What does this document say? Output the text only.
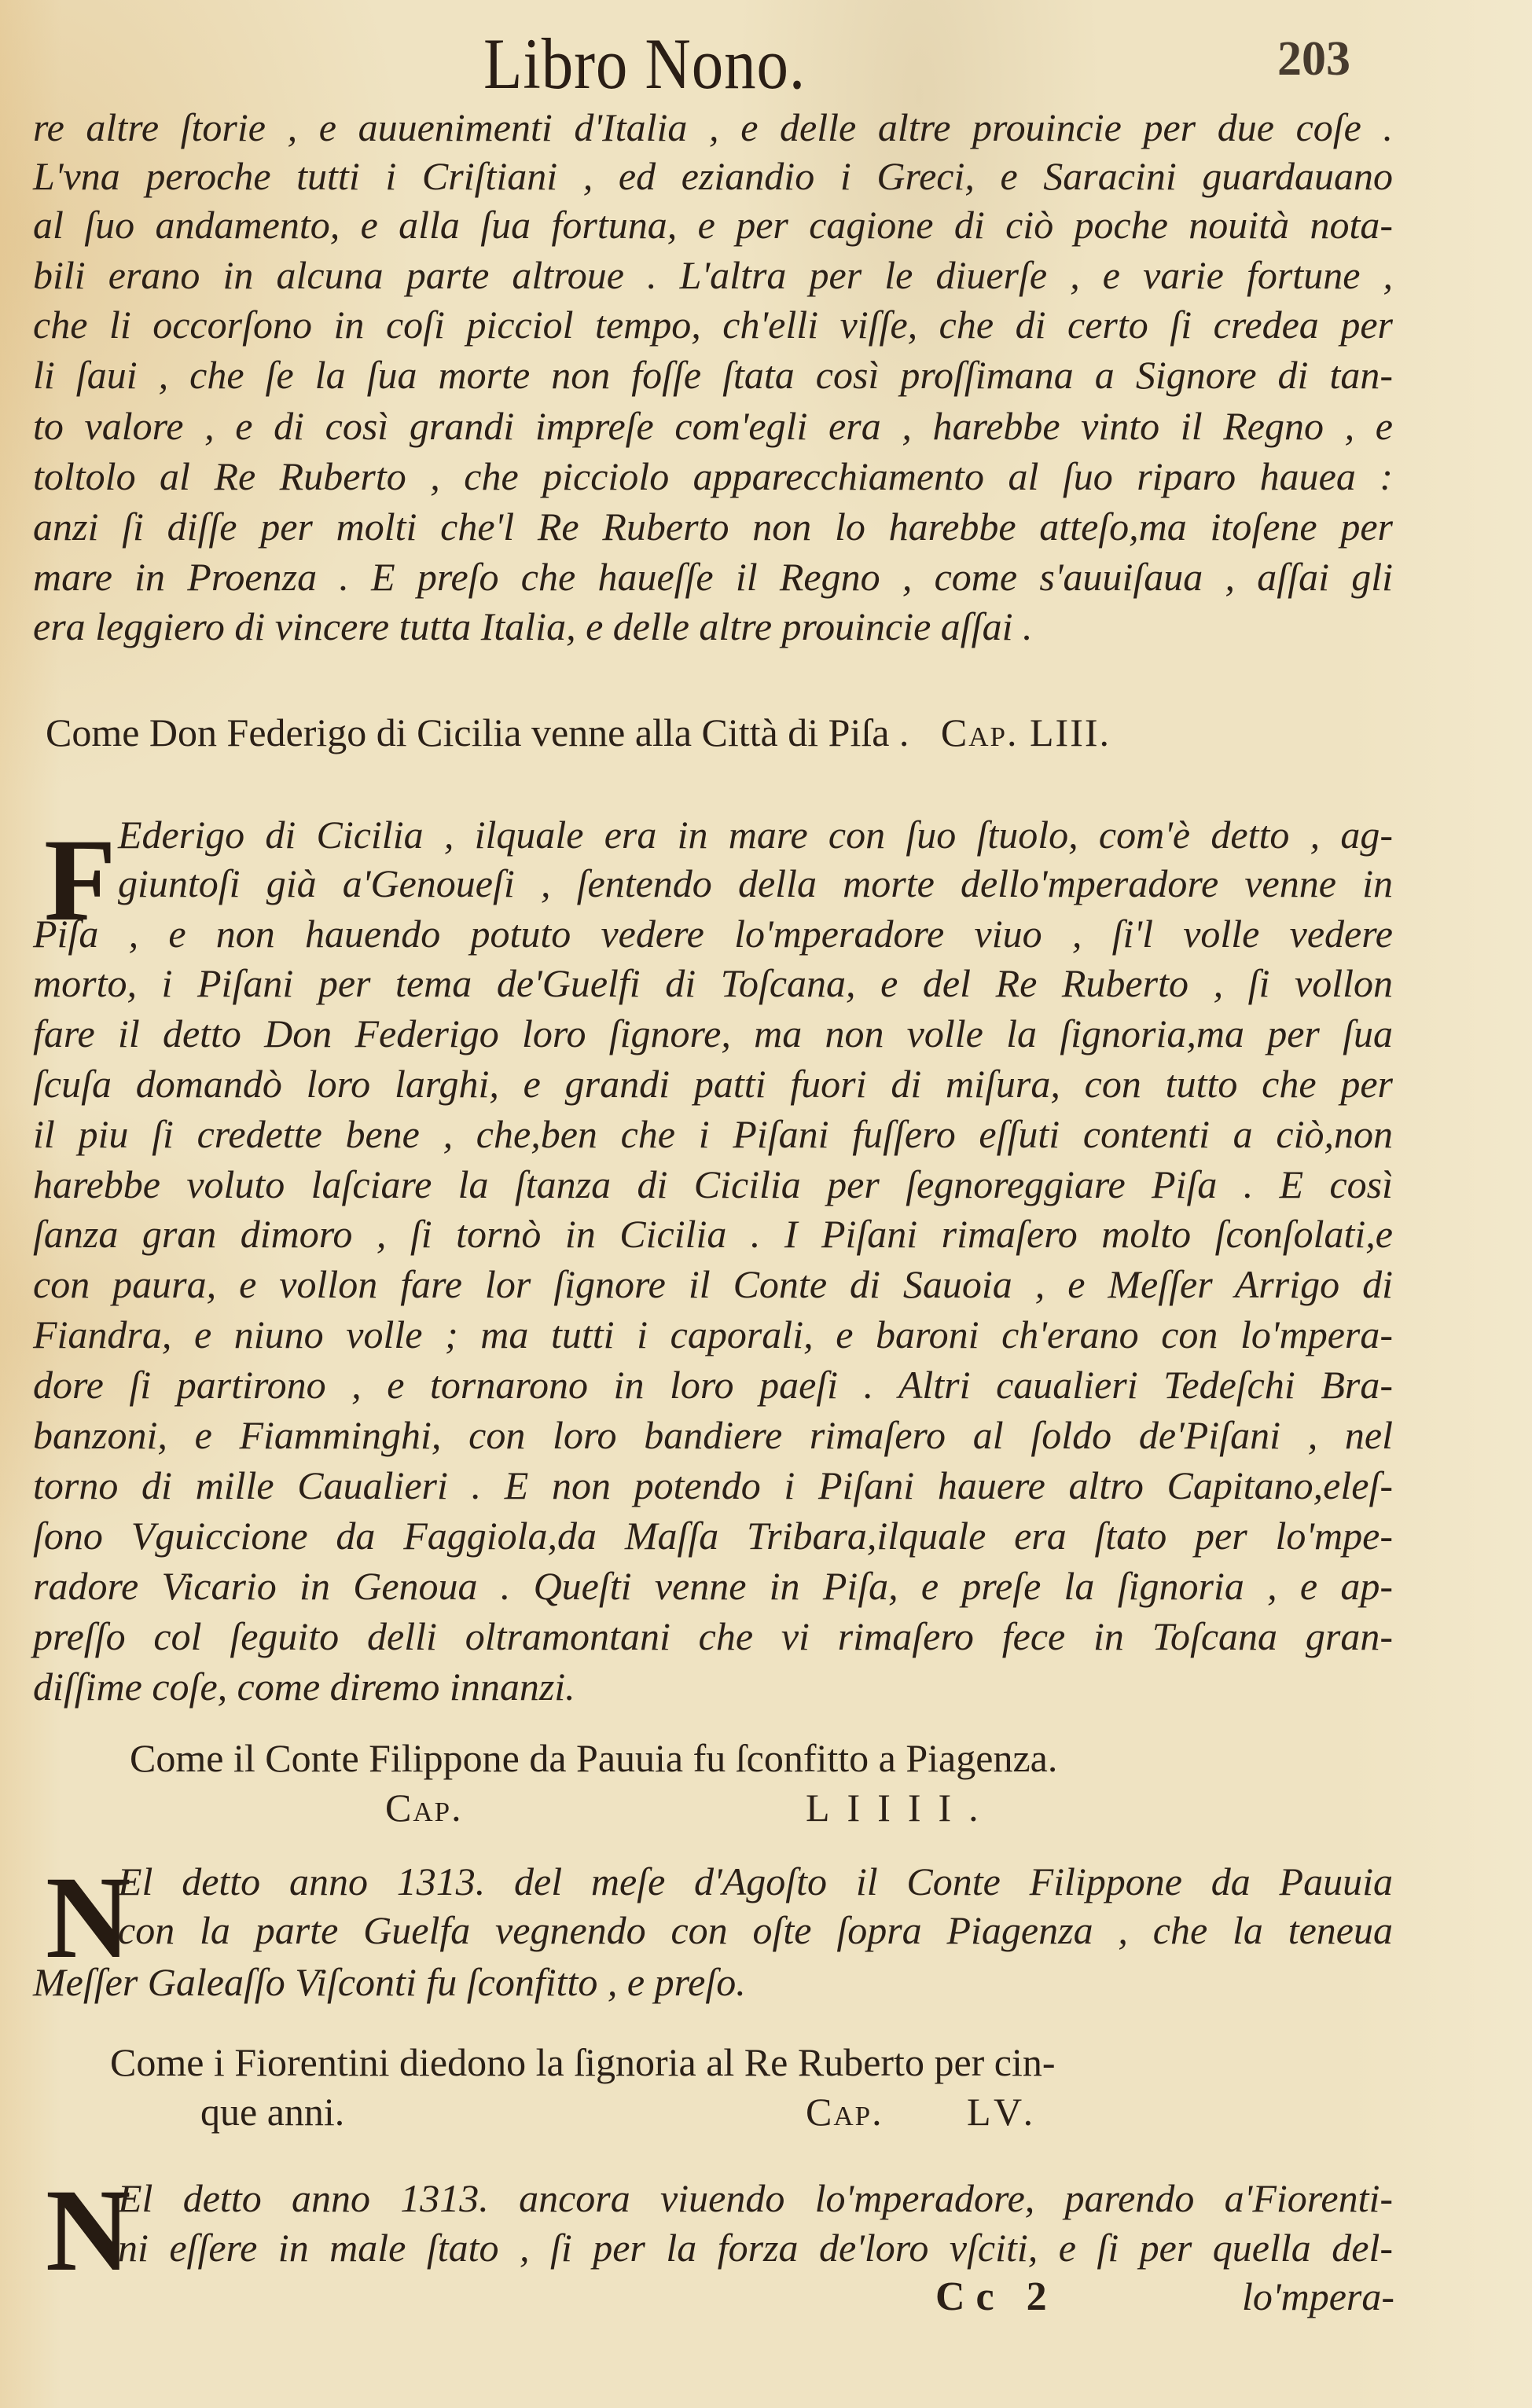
Libro Nono.	203
re altre ſtorie , e auuenimenti d'Italia , e delle altre prouincie per due coſe .
L'vna peroche tutti i Criſtiani , ed eziandio i Greci, e Saracini guardauano
al ſuo andamento, e alla ſua fortuna, e per cagione di ciò poche nouità nota-
bili erano in alcuna parte altroue . L'altra per le diuerſe , e varie fortune ,
che li occorſono in coſi picciol tempo, ch'elli viſſe, che di certo ſi credea per
li ſaui , che ſe la ſua morte non foſſe ſtata così proſſimana a Signore di tan-
to valore , e di così grandi impreſe com'egli era , harebbe vinto il Regno , e
toltolo al Re Ruberto , che picciolo apparecchiamento al ſuo riparo hauea :
anzi ſi diſſe per molti che'l Re Ruberto non lo harebbe atteſo,ma itoſene per
mare in Proenza . E preſo che haueſſe il Regno , come s'auuiſaua , aſſai gli
era leggiero di vincere tutta Italia, e delle altre prouincie aſſai .
Come Don Federigo di Cicilia venne alla Città di Piſa . Cap. LIII.
F Ederigo di Cicilia , ilquale era in mare con ſuo ſtuolo, com'è detto , ag-
giuntoſi già a'Genoueſi , ſentendo della morte dello'mperadore venne in
Piſa , e non hauendo potuto vedere lo'mperadore viuo , ſi'l volle vedere
morto, i Piſani per tema de'Guelfi di Toſcana, e del Re Ruberto , ſi vollon
fare il detto Don Federigo loro ſignore, ma non volle la ſignoria,ma per ſua
ſcuſa domandò loro larghi, e grandi patti fuori di miſura, con tutto che per
il piu ſi credette bene , che,ben che i Piſani fuſſero eſſuti contenti a ciò,non
harebbe voluto laſciare la ſtanza di Cicilia per ſegnoreggiare Piſa . E così
ſanza gran dimoro , ſi tornò in Cicilia . I Piſani rimaſero molto ſconſolati,e
con paura, e vollon fare lor ſignore il Conte di Sauoia , e Meſſer Arrigo di
Fiandra, e niuno volle ; ma tutti i caporali, e baroni ch'erano con lo'mpera-
dore ſi partirono , e tornarono in loro paeſi . Altri caualieri Tedeſchi Bra-
banzoni, e Fiamminghi, con loro bandiere rimaſero al ſoldo de'Piſani , nel
torno di mille Caualieri . E non potendo i Piſani hauere altro Capitano,eleſ-
ſono Vguiccione da Faggiola,da Maſſa Tribara,ilquale era ſtato per lo'mpe-
radore Vicario in Genoua . Queſti venne in Piſa, e preſe la ſignoria , e ap-
preſſo col ſeguito delli oltramontani che vi rimaſero fece in Toſcana gran-
diſſime coſe, come diremo innanzi.
Come il Conte Filippone da Pauuia fu ſconfitto a Piagenza.
Cap.	LIIII.
N
El detto anno 1313. del meſe d'Agoſto il Conte Filippone da Pauuia
con la parte Guelfa vegnendo con oſte ſopra Piagenza , che la teneua
Meſſer Galeaſſo Viſconti fu ſconfitto , e preſo.
Come i Fiorentini diedono la ſignoria al Re Ruberto per cin-
que anni.	Cap. LV.
N
El detto anno 1313. ancora viuendo lo'mperadore, parendo a'Fiorenti-
ni eſſere in male ſtato , ſi per la forza de'loro vſciti, e ſi per quella del-
Cc 2	lo'mpera-
